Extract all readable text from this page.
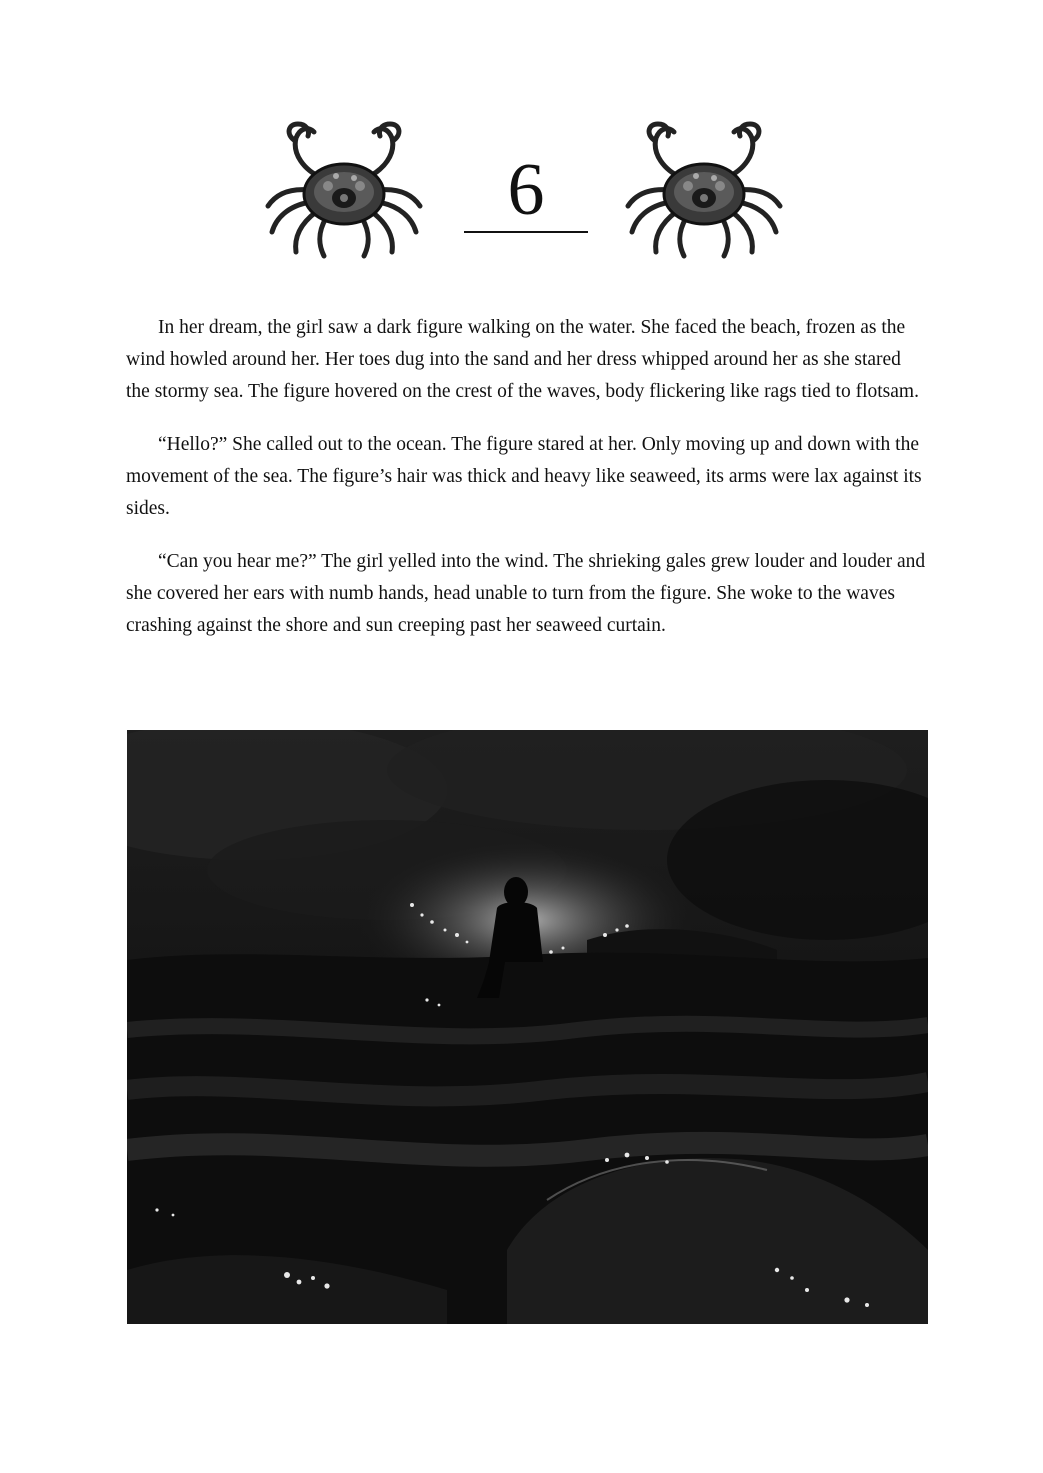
6

In her dream, the girl saw a dark figure walking on the water. She faced the beach, frozen as the wind howled around her. Her toes dug into the sand and her dress whipped around her as she stared the stormy sea. The figure hovered on the crest of the waves, body flickering like rags tied to flotsam.

“Hello?” She called out to the ocean. The figure stared at her. Only moving up and down with the movement of the sea. The figure’s hair was thick and heavy like seaweed, its arms were lax against its sides.

“Can you hear me?” The girl yelled into the wind. The shrieking gales grew louder and louder and she covered her ears with numb hands, head unable to turn from the figure. She woke to the waves crashing against the shore and sun creeping past her seaweed curtain.
